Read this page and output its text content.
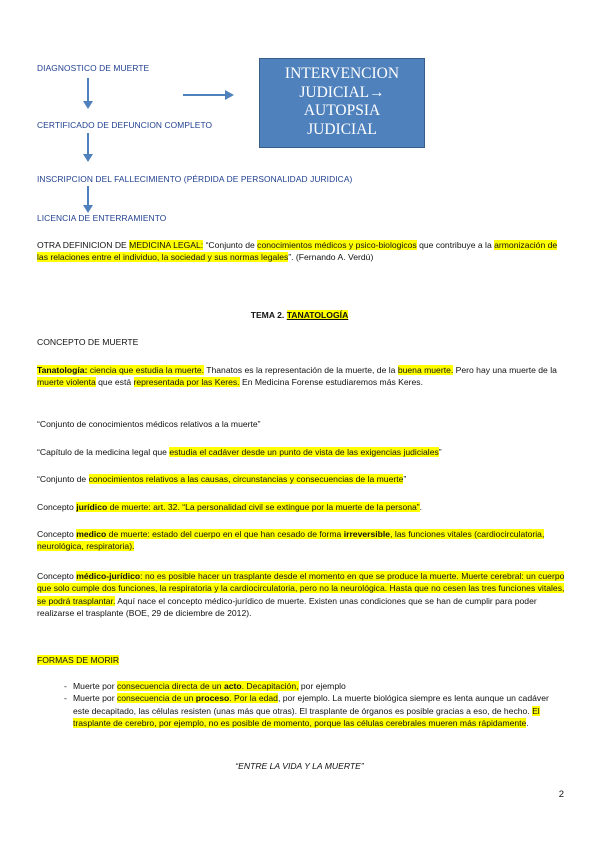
DIAGNOSTICO DE MUERTE	INTERVENCION
JUDICIAL→
AUTOPSIA
JUDICIAL
CERTIFICADO DE DEFUNCION COMPLETO
INSCRIPCION DEL FALLECIMIENTO (PÉRDIDA DE PERSONALIDAD JURIDICA)
LICENCIA DE ENTERRAMIENTO
OTRA DEFINICION DE MEDICINA LEGAL: “Conjunto de conocimientos médicos y psico-biologicos que contribuye a la armonización de las relaciones entre el individuo, la sociedad y sus normas legales”. (Fernando A. Verdú)
TEMA 2. TANATOLOGÍA
CONCEPTO DE MUERTE
Tanatología: ciencia que estudia la muerte. Thanatos es la representación de la muerte, de la buena muerte. Pero hay una muerte de la muerte violenta que está representada por las Keres. En Medicina Forense estudiaremos más Keres.
“Conjunto de conocimientos médicos relativos a la muerte”
“Capítulo de la medicina legal que estudia el cadáver desde un punto de vista de las exigencias judiciales”
“Conjunto de conocimientos relativos a las causas, circunstancias y consecuencias de la muerte”
Concepto jurídico de muerte: art. 32. “La personalidad civil se extingue por la muerte de la persona”.
Concepto medico de muerte: estado del cuerpo en el que han cesado de forma irreversible, las funciones vitales (cardiocirculatoria, neurológica, respiratoria).
Concepto médico-jurídico: no es posible hacer un trasplante desde el momento en que se produce la muerte. Muerte cerebral: un cuerpo que solo cumple dos funciones, la respiratoria y la cardiocirculatoria, pero no la neurológica. Hasta que no cesen las tres funciones vitales, se podrá trasplantar. Aquí nace el concepto médico-jurídico de muerte. Existen unas condiciones que se han de cumplir para poder realizarse el trasplante (BOE, 29 de diciembre de 2012).
FORMAS DE MORIR
- Muerte por consecuencia directa de un acto. Decapitación, por ejemplo
- Muerte por consecuencia de un proceso. Por la edad, por ejemplo. La muerte biológica siempre es lenta aunque un cadáver este decapitado, las células resisten (unas más que otras). El trasplante de órganos es posible gracias a eso, de hecho. El trasplante de cerebro, por ejemplo, no es posible de momento, porque las células cerebrales mueren más rápidamente.
“ENTRE LA VIDA Y LA MUERTE”
2
